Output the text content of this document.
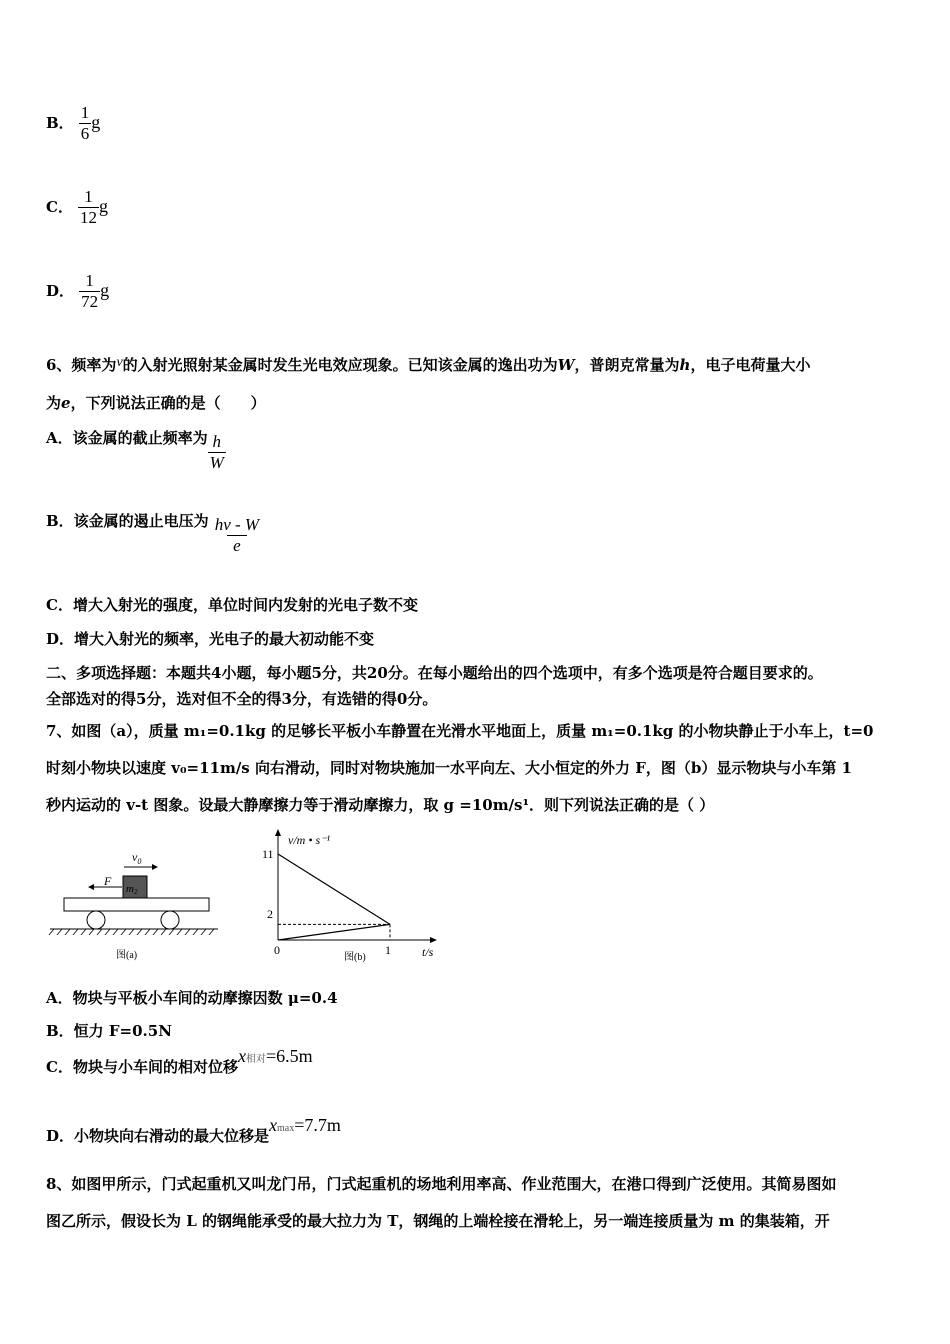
B． $\frac{1}{6}$ g
C． $\frac{1}{12}$ g
D． $\frac{1}{72}$ g
6、频率为ν的入射光照射某金属时发生光电效应现象。已知该金属的逸出功为W，普朗克常量为h，电子电荷量大小
为e，下列说法正确的是（　　）
A．该金属的截止频率为 $\frac{h}{W}$
B．该金属的遏止电压为 $\frac{h\nu - W}{e}$
C．增大入射光的强度，单位时间内发射的光电子数不变
D．增大入射光的频率，光电子的最大初动能不变
二、多项选择题：本题共4小题，每小题5分，共20分。在每小题给出的四个选项中，有多个选项是符合题目要求的。
全部选对的得5分，选对但不全的得3分，有选错的得0分。
7、如图（a），质量 m₁=0.1kg 的足够长平板小车静置在光滑水平地面上，质量 m₁=0.1kg 的小物块静止于小车上，t=0
时刻小物块以速度 v₀=11m/s 向右滑动，同时对物块施加一水平向左、大小恒定的外力 F，图（b）显示物块与小车第 1
秒内运动的 v-t 图象。设最大静摩擦力等于滑动摩擦力，取 g =10m/s¹．则下列说法正确的是（ ）
$v_0$
F
m2
图(a)
v/m • s⁻¹
t/s
11
2
0	1
图(b)
A．物块与平板小车间的动摩擦因数 μ=0.4
B．恒力 F=0.5N
C．物块与小车间的相对位移x相对=6.5m
D．小物块向右滑动的最大位移是xmax=7.7m
8、如图甲所示，门式起重机又叫龙门吊，门式起重机的场地利用率高、作业范围大，在港口得到广泛使用。其简易图如
图乙所示，假设长为 L 的钢绳能承受的最大拉力为 T，钢绳的上端栓接在滑轮上，另一端连接质量为 m 的集装箱，开
